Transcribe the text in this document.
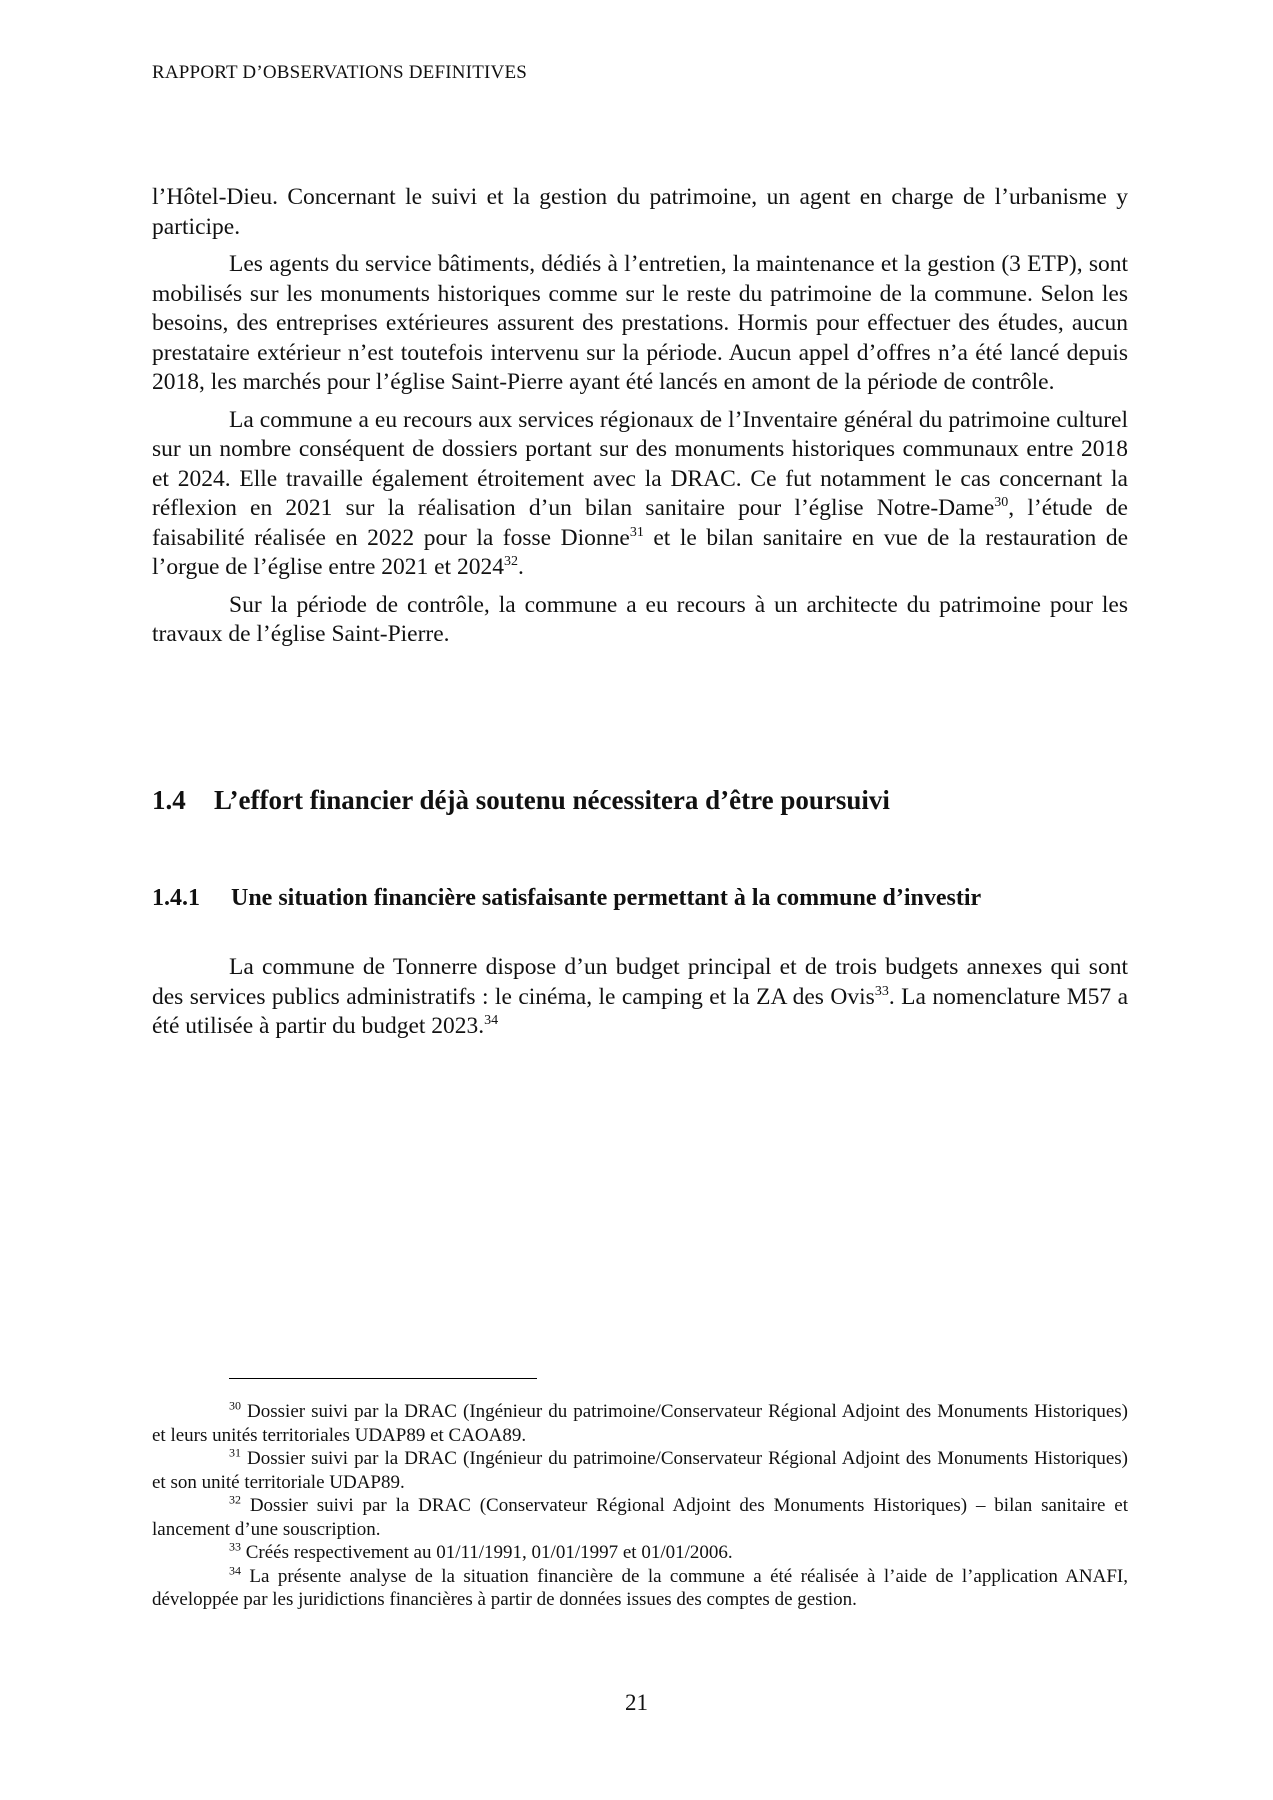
RAPPORT D’OBSERVATIONS DEFINITIVES

l’Hôtel-Dieu. Concernant le suivi et la gestion du patrimoine, un agent en charge de l’urbanisme y participe.

Les agents du service bâtiments, dédiés à l’entretien, la maintenance et la gestion (3 ETP), sont mobilisés sur les monuments historiques comme sur le reste du patrimoine de la commune. Selon les besoins, des entreprises extérieures assurent des prestations. Hormis pour effectuer des études, aucun prestataire extérieur n’est toutefois intervenu sur la période. Aucun appel d’offres n’a été lancé depuis 2018, les marchés pour l’église Saint-Pierre ayant été lancés en amont de la période de contrôle.

La commune a eu recours aux services régionaux de l’Inventaire général du patrimoine culturel sur un nombre conséquent de dossiers portant sur des monuments historiques communaux entre 2018 et 2024. Elle travaille également étroitement avec la DRAC. Ce fut notamment le cas concernant la réflexion en 2021 sur la réalisation d’un bilan sanitaire pour l’église Notre-Dame$^{30}$, l’étude de faisabilité réalisée en 2022 pour la fosse Dionne$^{31}$ et le bilan sanitaire en vue de la restauration de l’orgue de l’église entre 2021 et 2024$^{32}$.

Sur la période de contrôle, la commune a eu recours à un architecte du patrimoine pour les travaux de l’église Saint-Pierre.

1.4 L’effort financier déjà soutenu nécessitera d’être poursuivi
1.4.1 Une situation financière satisfaisante permettant à la commune d’investir

La commune de Tonnerre dispose d’un budget principal et de trois budgets annexes qui sont des services publics administratifs : le cinéma, le camping et la ZA des Ovis$^{33}$. La nomenclature M57 a été utilisée à partir du budget 2023.34

$^{30}$ Dossier suivi par la DRAC (Ingénieur du patrimoine/Conservateur Régional Adjoint des Monuments Historiques) et leurs unités territoriales UDAP89 et CAOA89.

$^{31}$ Dossier suivi par la DRAC (Ingénieur du patrimoine/Conservateur Régional Adjoint des Monuments Historiques) et son unité territoriale UDAP89.

$^{32}$ Dossier suivi par la DRAC (Conservateur Régional Adjoint des Monuments Historiques) – bilan sanitaire et lancement d’une souscription.

$^{33}$ Créés respectivement au 01/11/1991, 01/01/1997 et 01/01/2006.

$^{34}$ La présente analyse de la situation financière de la commune a été réalisée à l’aide de l’application ANAFI, développée par les juridictions financières à partir de données issues des comptes de gestion.

21
